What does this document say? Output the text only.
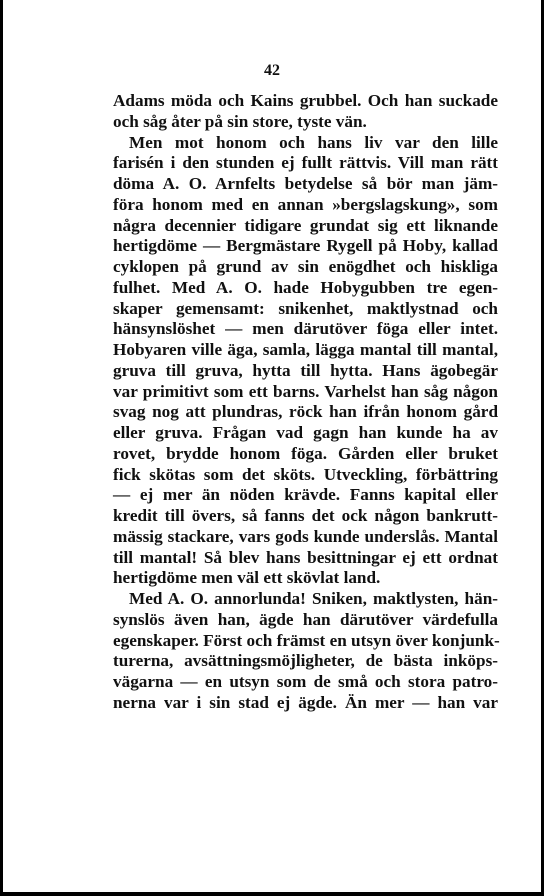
42
Adams möda och Kains grubbel. Och han suckade
och såg åter på sin store, tyste vän.
Men mot honom och hans liv var den lille
farisén i den stunden ej fullt rättvis. Vill man rätt
döma A. O. Arnfelts betydelse så bör man jäm-
föra honom med en annan »bergslagskung», som
några decennier tidigare grundat sig ett liknande
hertigdöme — Bergmästare Rygell på Hoby, kallad
cyklopen på grund av sin enögdhet och hiskliga
fulhet. Med A. O. hade Hobygubben tre egen-
skaper gemensamt: snikenhet, maktlystnad och
hänsynslöshet — men därutöver föga eller intet.
Hobyaren ville äga, samla, lägga mantal till mantal,
gruva till gruva, hytta till hytta. Hans ägobegär
var primitivt som ett barns. Varhelst han såg någon
svag nog att plundras, röck han ifrån honom gård
eller gruva. Frågan vad gagn han kunde ha av
rovet, brydde honom föga. Gården eller bruket
fick skötas som det sköts. Utveckling, förbättring
— ej mer än nöden krävde. Fanns kapital eller
kredit till övers, så fanns det ock någon bankrutt-
mässig stackare, vars gods kunde underslås. Mantal
till mantal! Så blev hans besittningar ej ett ordnat
hertigdöme men väl ett skövlat land.
Med A. O. annorlunda! Sniken, maktlysten, hän-
synslös även han, ägde han därutöver värdefulla
egenskaper. Först och främst en utsyn över konjunk-
turerna, avsättningsmöjligheter, de bästa inköps-
vägarna — en utsyn som de små och stora patro-
nerna var i sin stad ej ägde. Än mer — han var
